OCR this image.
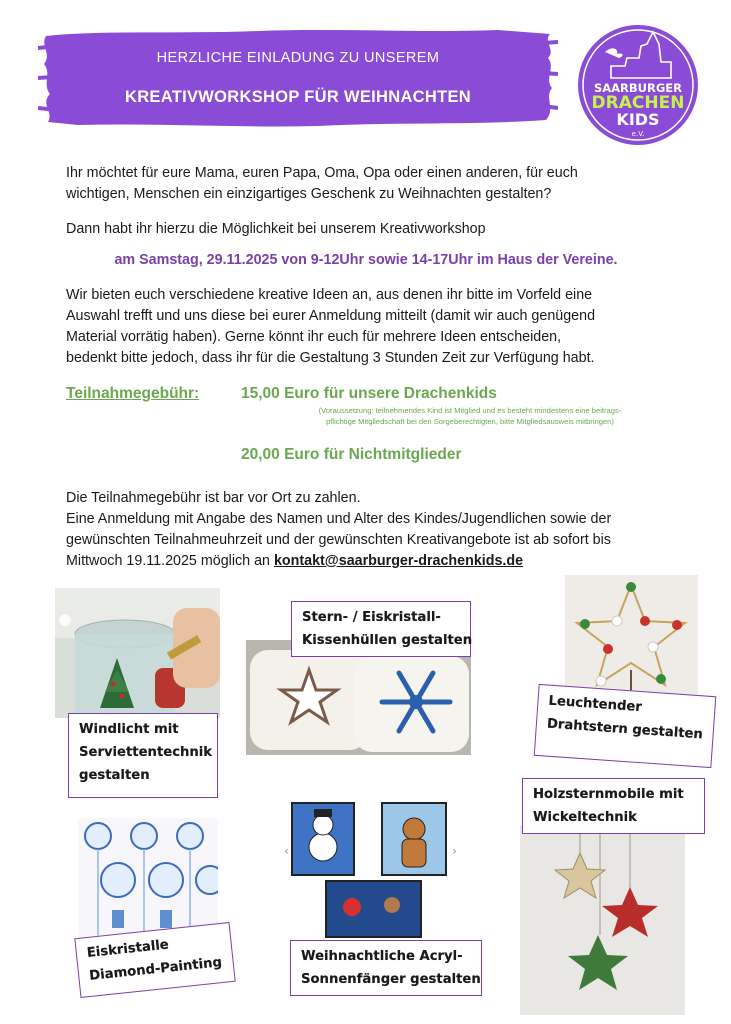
HERZLICHE EINLADUNG ZU UNSEREM
KREATIVWORKSHOP FÜR WEIHNACHTEN	SAARBURGER
DRACHEN
KIDS
e.V.
Ihr möchtet für eure Mama, euren Papa, Oma, Opa oder einen anderen, für euch
wichtigen, Menschen ein einzigartiges Geschenk zu Weihnachten gestalten?
Dann habt ihr hierzu die Möglichkeit bei unserem Kreativworkshop
am Samstag, 29.11.2025 von 9-12Uhr sowie 14-17Uhr im Haus der Vereine.
Wir bieten euch verschiedene kreative Ideen an, aus denen ihr bitte im Vorfeld eine
Auswahl trefft und uns diese bei eurer Anmeldung mitteilt (damit wir auch genügend
Material vorrätig haben). Gerne könnt ihr euch für mehrere Ideen entscheiden,
bedenkt bitte jedoch, dass ihr für die Gestaltung 3 Stunden Zeit zur Verfügung habt.
Teilnahmegebühr:	15,00 Euro für unsere Drachenkids
(Voraussetzung: teilnehmendes Kind ist Mitglied und es besteht mindestens eine beitrags-
pflichtige Mitgliedschaft bei den Sorgeberechtigten, bitte Mitgliedsausweis mitbringen)
20,00 Euro für Nichtmitglieder
Die Teilnahmegebühr ist bar vor Ort zu zahlen.
Eine Anmeldung mit Angabe des Namen und Alter des Kindes/Jugendlichen sowie der
gewünschten Teilnahmeuhrzeit und der gewünschten Kreativangebote ist ab sofort bis
Mittwoch 19.11.2025 möglich an kontakt@saarburger-drachenkids.de
‹	›
Windlicht mit
Serviettentechnik
gestalten
Stern- / Eiskristall-
Kissenhüllen gestalten
Leuchtender
Drahtstern gestalten
Holzsternmobile mit
Wickeltechnik
Eiskristalle
Diamond-Painting	Weihnachtliche Acryl-
Sonnenfänger gestalten
